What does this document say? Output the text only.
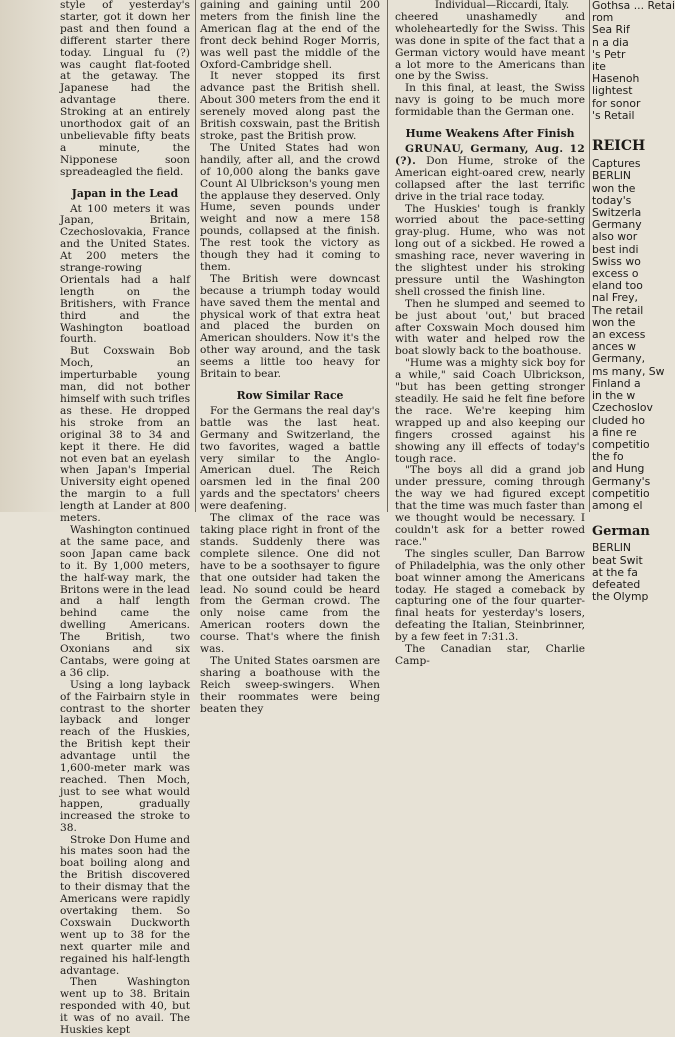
style of yesterday's starter, got it down her past and then found a different starter there today. Lingual fu (?) was caught flat-footed at the getaway. The Japanese had the advantage there. Stroking at an entirely unorthodox gait of an unbelievable fifty beats a minute, the Nipponese soon spreadeagled the field.

Japan in the Lead

At 100 meters it was Japan, Britain, Czechoslovakia, France and the United States. At 200 meters the strange-rowing Orientals had a half length on the Britishers, with France third and the Washington boatload fourth.

But Coxswain Bob Moch, an imperturbable young man, did not bother himself with such trifles as these. He dropped his stroke from an original 38 to 34 and kept it there. He did not even bat an eyelash when Japan's Imperial University eight opened the margin to a full length at Lander at 800 meters.

Washington continued at the same pace, and soon Japan came back to it. By 1,000 meters, the half-way mark, the Britons were in the lead and a half length behind came the dwelling Americans. The British, two Oxonians and six Cantabs, were going at a 36 clip.

Using a long layback of the Fairbairn style in contrast to the shorter layback and longer reach of the Huskies, the British kept their advantage until the 1,600-meter mark was reached. Then Moch, just to see what would happen, gradually increased the stroke to 38.

Stroke Don Hume and his mates soon had the boat boiling along and the British discovered to their dismay that the Americans were rapidly overtaking them. So Coxswain Duckworth went up to 38 for the next quarter mile and regained his half-length advantage.

Then Washington went up to 38. Britain responded with 40, but it was of no avail. The Huskies kept

gaining and gaining until 200 meters from the finish line the American flag at the end of the front deck behind Roger Morris, was well past the middle of the Oxford-Cambridge shell.

It never stopped its first advance past the British shell. About 300 meters from the end it serenely moved along past the British coxswain, past the British stroke, past the British prow.

The United States had won handily, after all, and the crowd of 10,000 along the banks gave Count Al Ulbrickson's young men the applause they deserved. Only Hume, seven pounds under weight and now a mere 158 pounds, collapsed at the finish. The rest took the victory as though they had it coming to them.

The British were downcast because a triumph today would have saved them the mental and physical work of that extra heat and placed the burden on American shoulders. Now it's the other way around, and the task seems a little too heavy for Britain to bear.

Row Similar Race

For the Germans the real day's battle was the last heat. Germany and Switzerland, the two favorites, waged a battle very similar to the Anglo-American duel. The Reich oarsmen led in the final 200 yards and the spectators' cheers were deafening.

The climax of the race was taking place right in front of the stands. Suddenly there was complete silence. One did not have to be a soothsayer to figure that one outsider had taken the lead. No sound could be heard from the German crowd. The only noise came from the American rooters down the course. That's where the finish was.

The United States oarsmen are sharing a boathouse with the Reich sweep-swingers. When their roommates were being beaten they

Individual—Riccardi, Italy.

cheered unashamedly and wholeheartedly for the Swiss. This was done in spite of the fact that a German victory would have meant a lot more to the Americans than one by the Swiss.

In this final, at least, the Swiss navy is going to be much more formidable than the German one.

Hume Weakens After Finish

GRUNAU, Germany, Aug. 12 (?). Don Hume, stroke of the American eight-oared crew, nearly collapsed after the last terrific drive in the trial race today.

The Huskies' tough is frankly worried about the pace-setting gray-plug. Hume, who was not long out of a sickbed. He rowed a smashing race, never wavering in the slightest under his stroking pressure until the Washington shell crossed the finish line.

Then he slumped and seemed to be just about 'out,' but braced after Coxswain Moch doused him with water and helped row the boat slowly back to the boathouse.

"Hume was a mighty sick boy for a while," said Coach Ulbrickson, "but has been getting stronger steadily. He said he felt fine before the race. We're keeping him wrapped up and also keeping our fingers crossed against his showing any ill effects of today's tough race.

"The boys all did a grand job under pressure, coming through the way we had figured except that the time was much faster than we thought would be necessary. I couldn't ask for a better rowed race."

The singles sculler, Dan Barrow of Philadelphia, was the only other boat winner among the Americans today. He staged a comeback by capturing one of the four quarter-final heats for yesterday's losers, defeating the Italian, Steinbrinner, by a few feet in 7:31.3.

The Canadian star, Charlie Camp-

Gothsa ... Retai
rom
Sea Rif
n a dia
's Petr
ite
Hasenoh
lightest
for sonor
's Retail
REICH
Captures
BERLIN
won the
today's
Switzerla
Germany
also wor
best indi
Swiss wo
excess o
eland too
nal Frey,
The retail
won the
an excess
ances w
Germany,
ms many, Sw
Finland a
in the w
Czechoslov
cluded ho
a fine re
competitio
the fo
and Hung
Germany's
competitio
among el
German
BERLIN
beat Swit
at the fa
defeated
the Olymp
